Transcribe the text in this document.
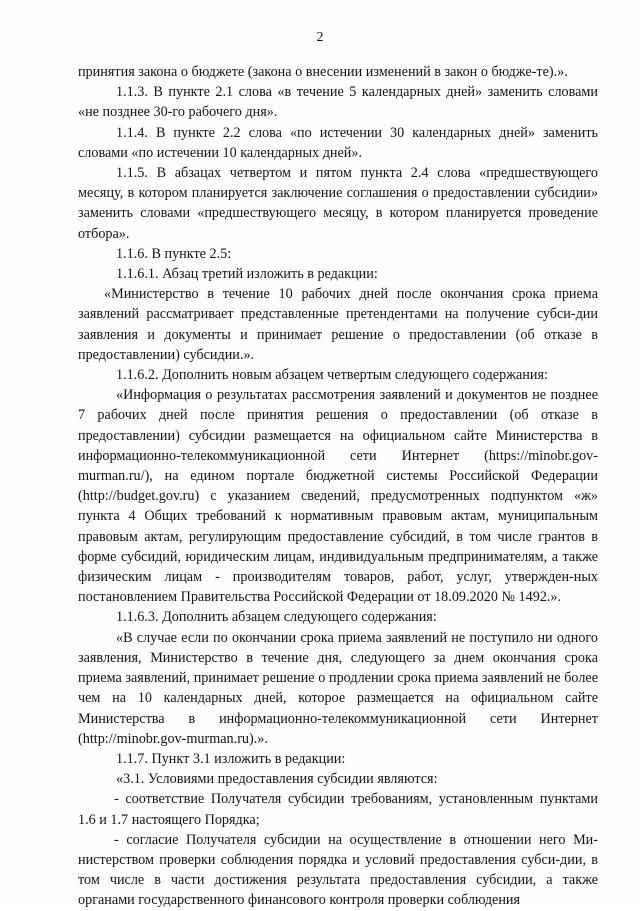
2

принятия закона о бюджете (закона о внесении изменений в закон о бюдже-те).».

1.1.3. В пункте 2.1 слова «в течение 5 календарных дней» заменить словами «не позднее 30-го рабочего дня».

1.1.4. В пункте 2.2 слова «по истечении 30 календарных дней» заменить словами «по истечении 10 календарных дней».

1.1.5. В абзацах четвертом и пятом пункта 2.4 слова «предшествующего месяцу, в котором планируется заключение соглашения о предоставлении субсидии» заменить словами «предшествующего месяцу, в котором планируется проведение отбора».

1.1.6. В пункте 2.5:

1.1.6.1. Абзац третий изложить в редакции:

«Министерство в течение 10 рабочих дней после окончания срока приема заявлений рассматривает представленные претендентами на получение субси-дии заявления и документы и принимает решение о предоставлении (об отказе в предоставлении) субсидии.».

1.1.6.2. Дополнить новым абзацем четвертым следующего содержания:

«Информация о результатах рассмотрения заявлений и документов не позднее 7 рабочих дней после принятия решения о предоставлении (об отказе в предоставлении) субсидии размещается на официальном сайте Министерства в информационно-телекоммуникационной сети Интернет (https://minobr.gov-murman.ru/), на едином портале бюджетной системы Российской Федерации (http://budget.gov.ru) с указанием сведений, предусмотренных подпунктом «ж» пункта 4 Общих требований к нормативным правовым актам, муниципальным правовым актам, регулирующим предоставление субсидий, в том числе грантов в форме субсидий, юридическим лицам, индивидуальным предпринимателям, а также физическим лицам - производителям товаров, работ, услуг, утвержден-ных постановлением Правительства Российской Федерации от 18.09.2020 № 1492.».

1.1.6.3. Дополнить абзацем следующего содержания:

«В случае если по окончании срока приема заявлений не поступило ни одного заявления, Министерство в течение дня, следующего за днем окончания срока приема заявлений, принимает решение о продлении срока приема заявлений не более чем на 10 календарных дней, которое размещается на официальном сайте Министерства в информационно-телекоммуникационной сети Интернет (http://minobr.gov-murman.ru).».

1.1.7. Пункт 3.1 изложить в редакции:

«3.1. Условиями предоставления субсидии являются:

- соответствие Получателя субсидии требованиям, установленным пунктами 1.6 и 1.7 настоящего Порядка;

- согласие Получателя субсидии на осуществление в отношении него Ми-нистерством проверки соблюдения порядка и условий предоставления субси-дии, в том числе в части достижения результата предоставления субсидии, а также органами государственного финансового контроля проверки соблюдения
